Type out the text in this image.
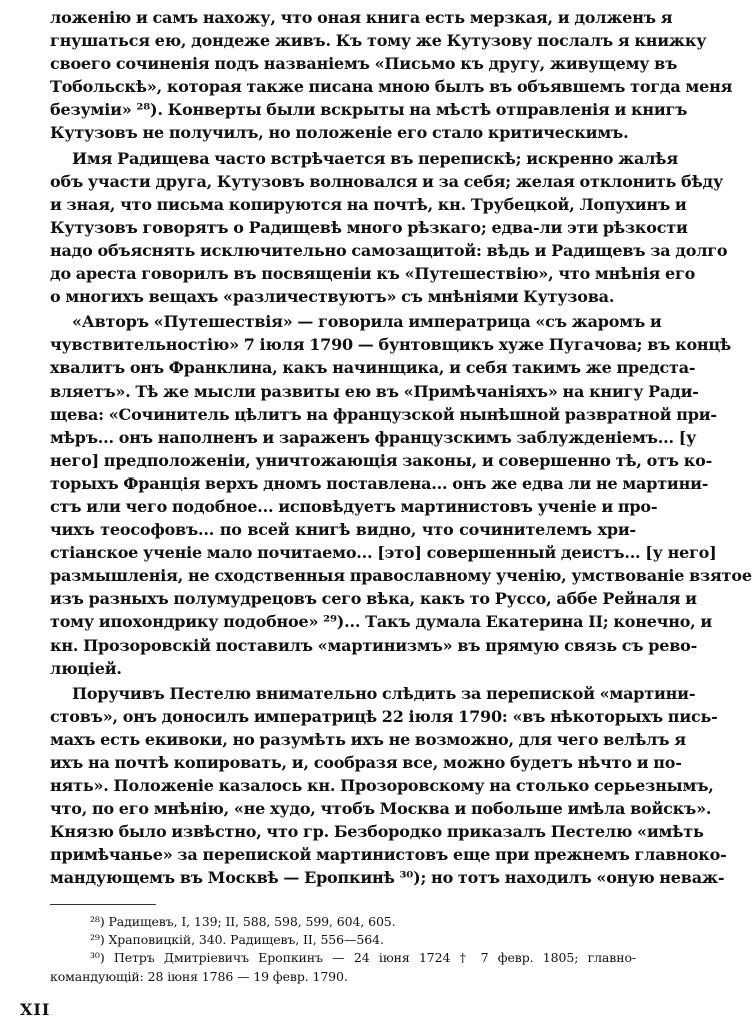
ложенiю и самъ нахожу, что оная книга есть мерзкая, и долженъ я
гнушаться ею, дондеже живъ. Къ тому же Кутузову послалъ я книжку
своего сочиненiя подъ названiемъ «Письмо къ другу, живущему въ
Тобольскѣ», которая также писана мною былъ въ объявшемъ тогда меня
безумiи» ²⁸). Конверты были вскрыты на мѣстѣ отправленiя и книгъ
Кутузовъ не получилъ, но положенiе его стало критическимъ.
Имя Радищева часто встрѣчается въ перепискѣ; искренно жалѣя
объ участи друга, Кутузовъ волновался и за себя; желая отклонить бѣду
и зная, что письма копируются на почтѣ, кн. Трубецкой, Лопухинъ и
Кутузовъ говорятъ о Радищевѣ много рѣзкаго; едва-ли эти рѣзкости
надо объяснять исключительно самозащитой: вѣдь и Радищевъ за долго
до ареста говорилъ въ посвященiи къ «Путешествiю», что мнѣнiя его
о многихъ вещахъ «различествуютъ» съ мнѣнiями Кутузова.
«Авторъ «Путешествiя» — говорила императрица «съ жаромъ и
чувствительностiю» 7 iюля 1790 — бунтовщикъ хуже Пугачова; въ концѣ
хвалитъ онъ Франклина, какъ начинщика, и себя такимъ же предста-
вляетъ». Тѣ же мысли развиты ею въ «Примѣчанiяхъ» на книгу Ради-
щева: «Сочинитель цѣлитъ на французской нынѣшной развратной при-
мѣръ... онъ наполненъ и зараженъ французскимъ заблужденiемъ... [у
него] предположенiи, уничтожающiя законы, и совершенно тѣ, отъ ко-
торыхъ Францiя верхъ дномъ поставлена... онъ же едва ли не мартини-
стъ или чего подобное... исповѣдуетъ мартинистовъ ученiе и про-
чихъ теософовъ... по всей книгѣ видно, что сочинителемъ хри-
стiанское ученiе мало почитаемо... [это] совершенный деистъ... [у него]
размышленiя, не сходственныя православному ученiю, умствованiе взятое
изъ разныхъ полумудрецовъ сего вѣка, какъ то Руссо, аббе Рейналя и
тому ипохондрику подобное» ²⁹)... Такъ думала Екатерина II; конечно, и
кн. Прозоровскiй поставилъ «мартинизмъ» въ прямую связь съ рево-
люцiей.
Поручивъ Пестелю внимательно слѣдить за перепиской «мартини-
стовъ», онъ доносилъ императрицѣ 22 iюля 1790: «въ нѣкоторыхъ пись-
махъ есть екивоки, но разумѣть ихъ не возможно, для чего велѣлъ я
ихъ на почтѣ копировать, и, сообразя все, можно будетъ нѣчто и по-
нять». Положенiе казалось кн. Прозоровскому на столько серьезнымъ,
что, по его мнѣнiю, «не худо, чтобъ Москва и побольше имѣла войскъ».
Князю было извѣстно, что гр. Безбородко приказалъ Пестелю «имѣть
примѣчанье» за перепиской мартинистовъ еще при прежнемъ главноко-
мандующемъ въ Москвѣ — Еропкинѣ ³⁰); но тотъ находилъ «оную неваж-
²⁸) Радищевъ, I, 139; II, 588, 598, 599, 604, 605.
²⁹) Храповицкiй, 340. Радищевъ, II, 556—564.
³⁰) Петръ Дмитрiевичъ Еропкинъ — 24 iюня 1724 † 7 февр. 1805; главно-
командующiй: 28 iюня 1786 — 19 февр. 1790.
XII
